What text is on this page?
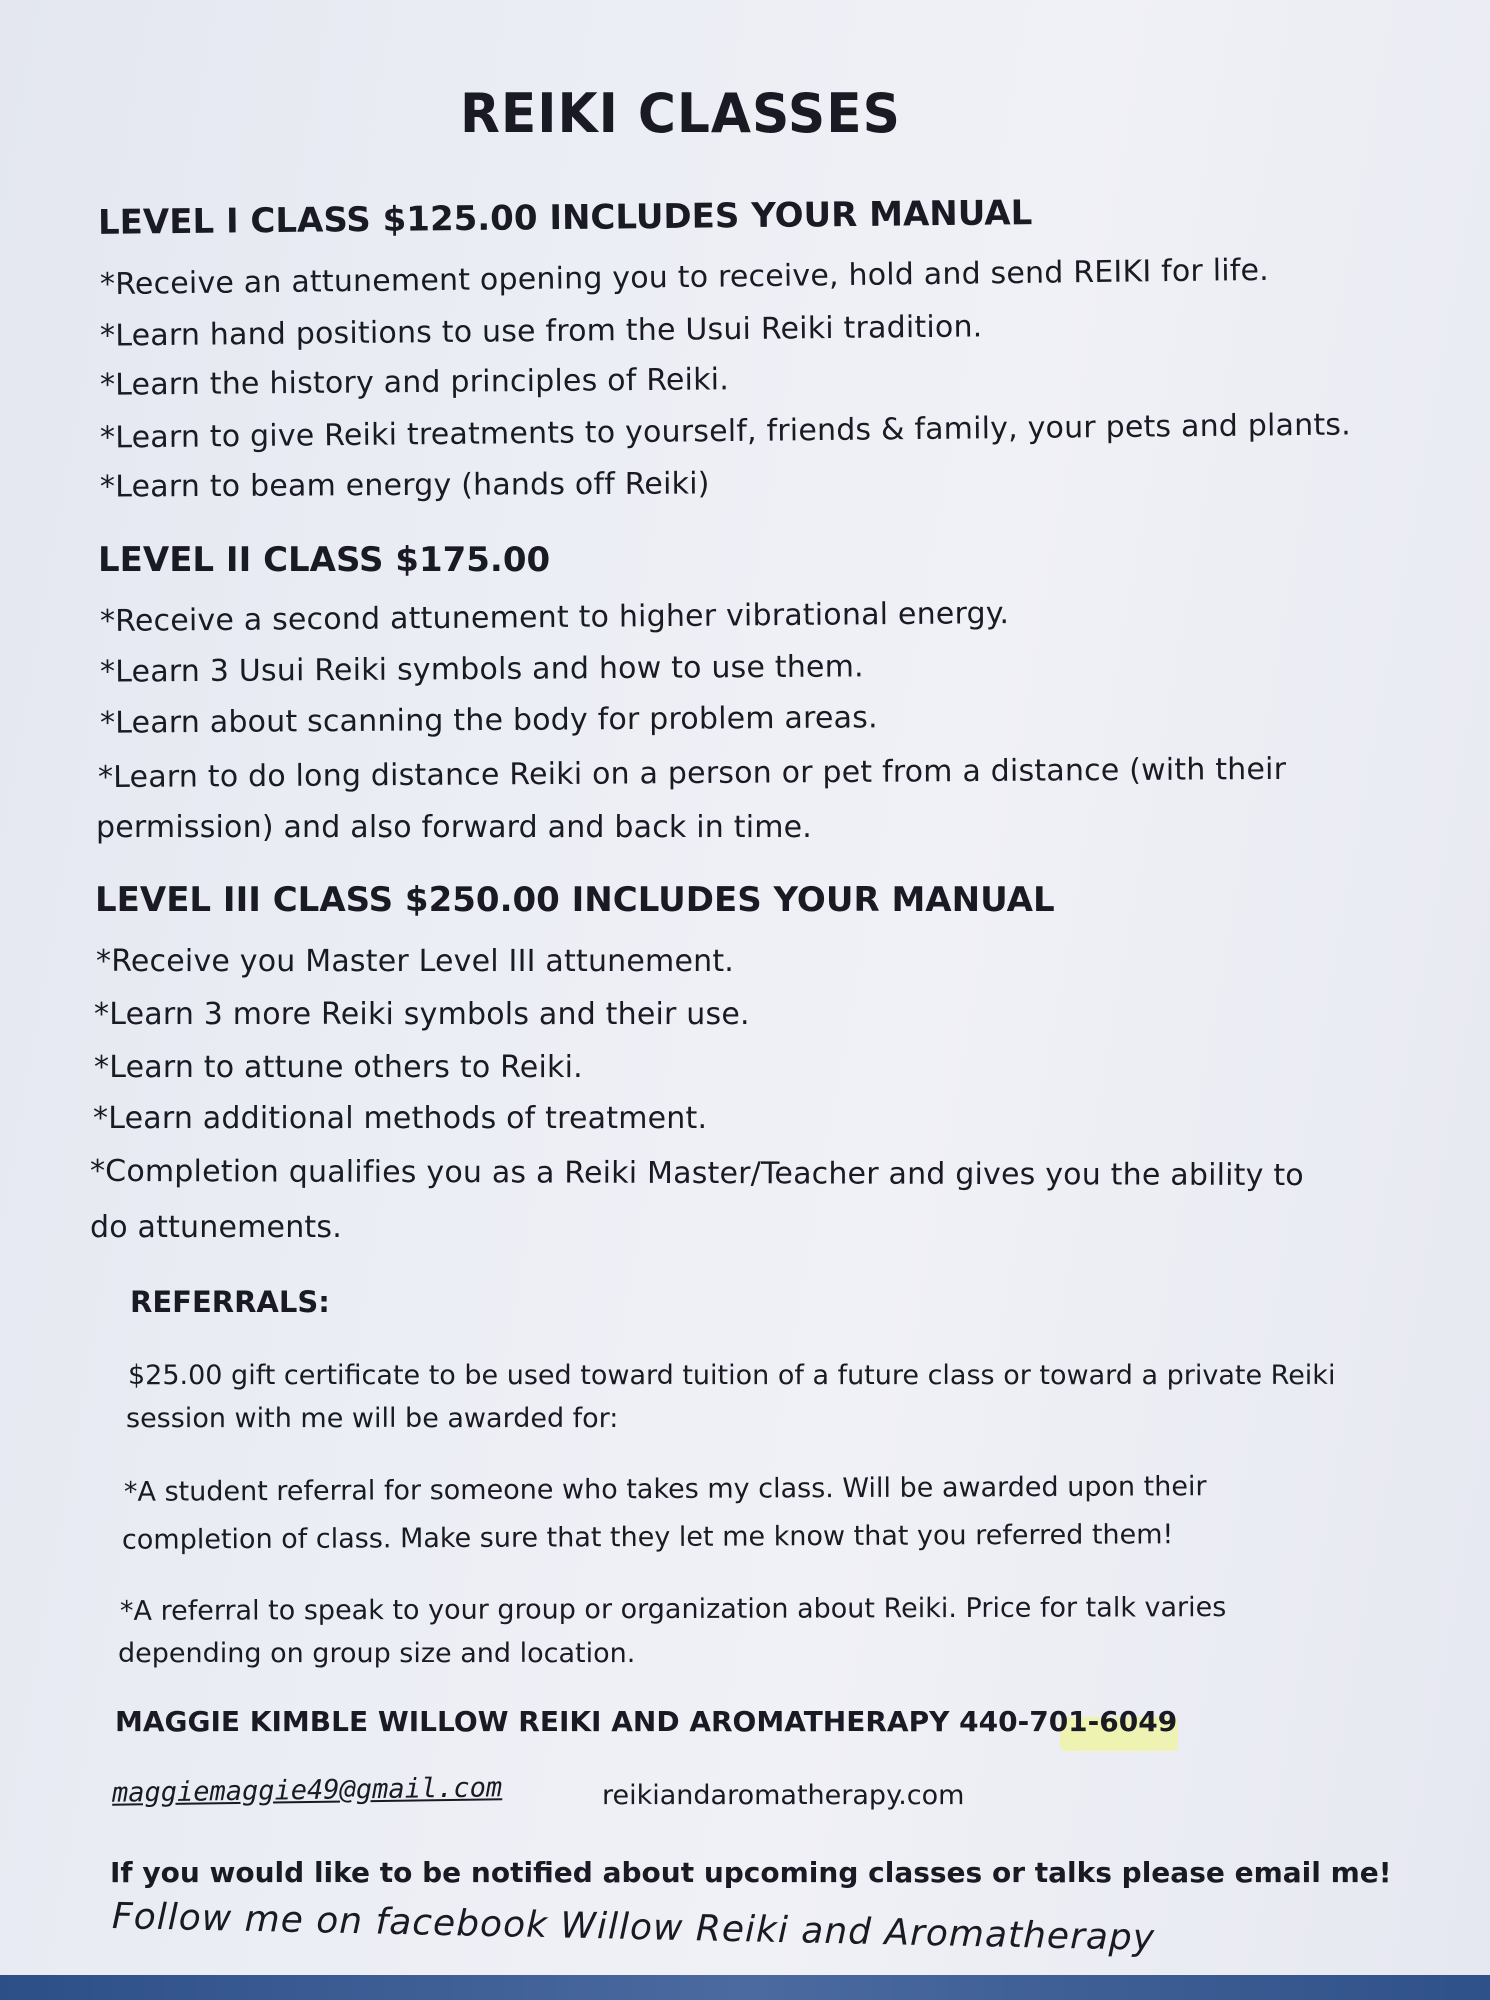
REIKI CLASSES
LEVEL I CLASS $125.00 INCLUDES YOUR MANUAL
*Receive an attunement opening you to receive, hold and send REIKI for life.
*Learn hand positions to use from the Usui Reiki tradition.
*Learn the history and principles of Reiki.
*Learn to give Reiki treatments to yourself, friends & family, your pets and plants.
*Learn to beam energy (hands off Reiki)
LEVEL II CLASS $175.00
*Receive a second attunement to higher vibrational energy.
*Learn 3 Usui Reiki symbols and how to use them.
*Learn about scanning the body for problem areas.
*Learn to do long distance Reiki on a person or pet from a distance (with their
permission) and also forward and back in time.
LEVEL III CLASS $250.00 INCLUDES YOUR MANUAL
*Receive you Master Level III attunement.
*Learn 3 more Reiki symbols and their use.
*Learn to attune others to Reiki.
*Learn additional methods of treatment.
*Completion qualifies you as a Reiki Master/Teacher and gives you the ability to
do attunements.
REFERRALS:
$25.00 gift certificate to be used toward tuition of a future class or toward a private Reiki
session with me will be awarded for:
*A student referral for someone who takes my class. Will be awarded upon their
completion of class. Make sure that they let me know that you referred them!
*A referral to speak to your group or organization about Reiki. Price for talk varies
depending on group size and location.
MAGGIE KIMBLE WILLOW REIKI AND AROMATHERAPY 440-701-6049
maggiemaggie49@gmail.com	reikiandaromatherapy.com
If you would like to be notified about upcoming classes or talks please email me!
Follow me on facebook Willow Reiki and Aromatherapy
